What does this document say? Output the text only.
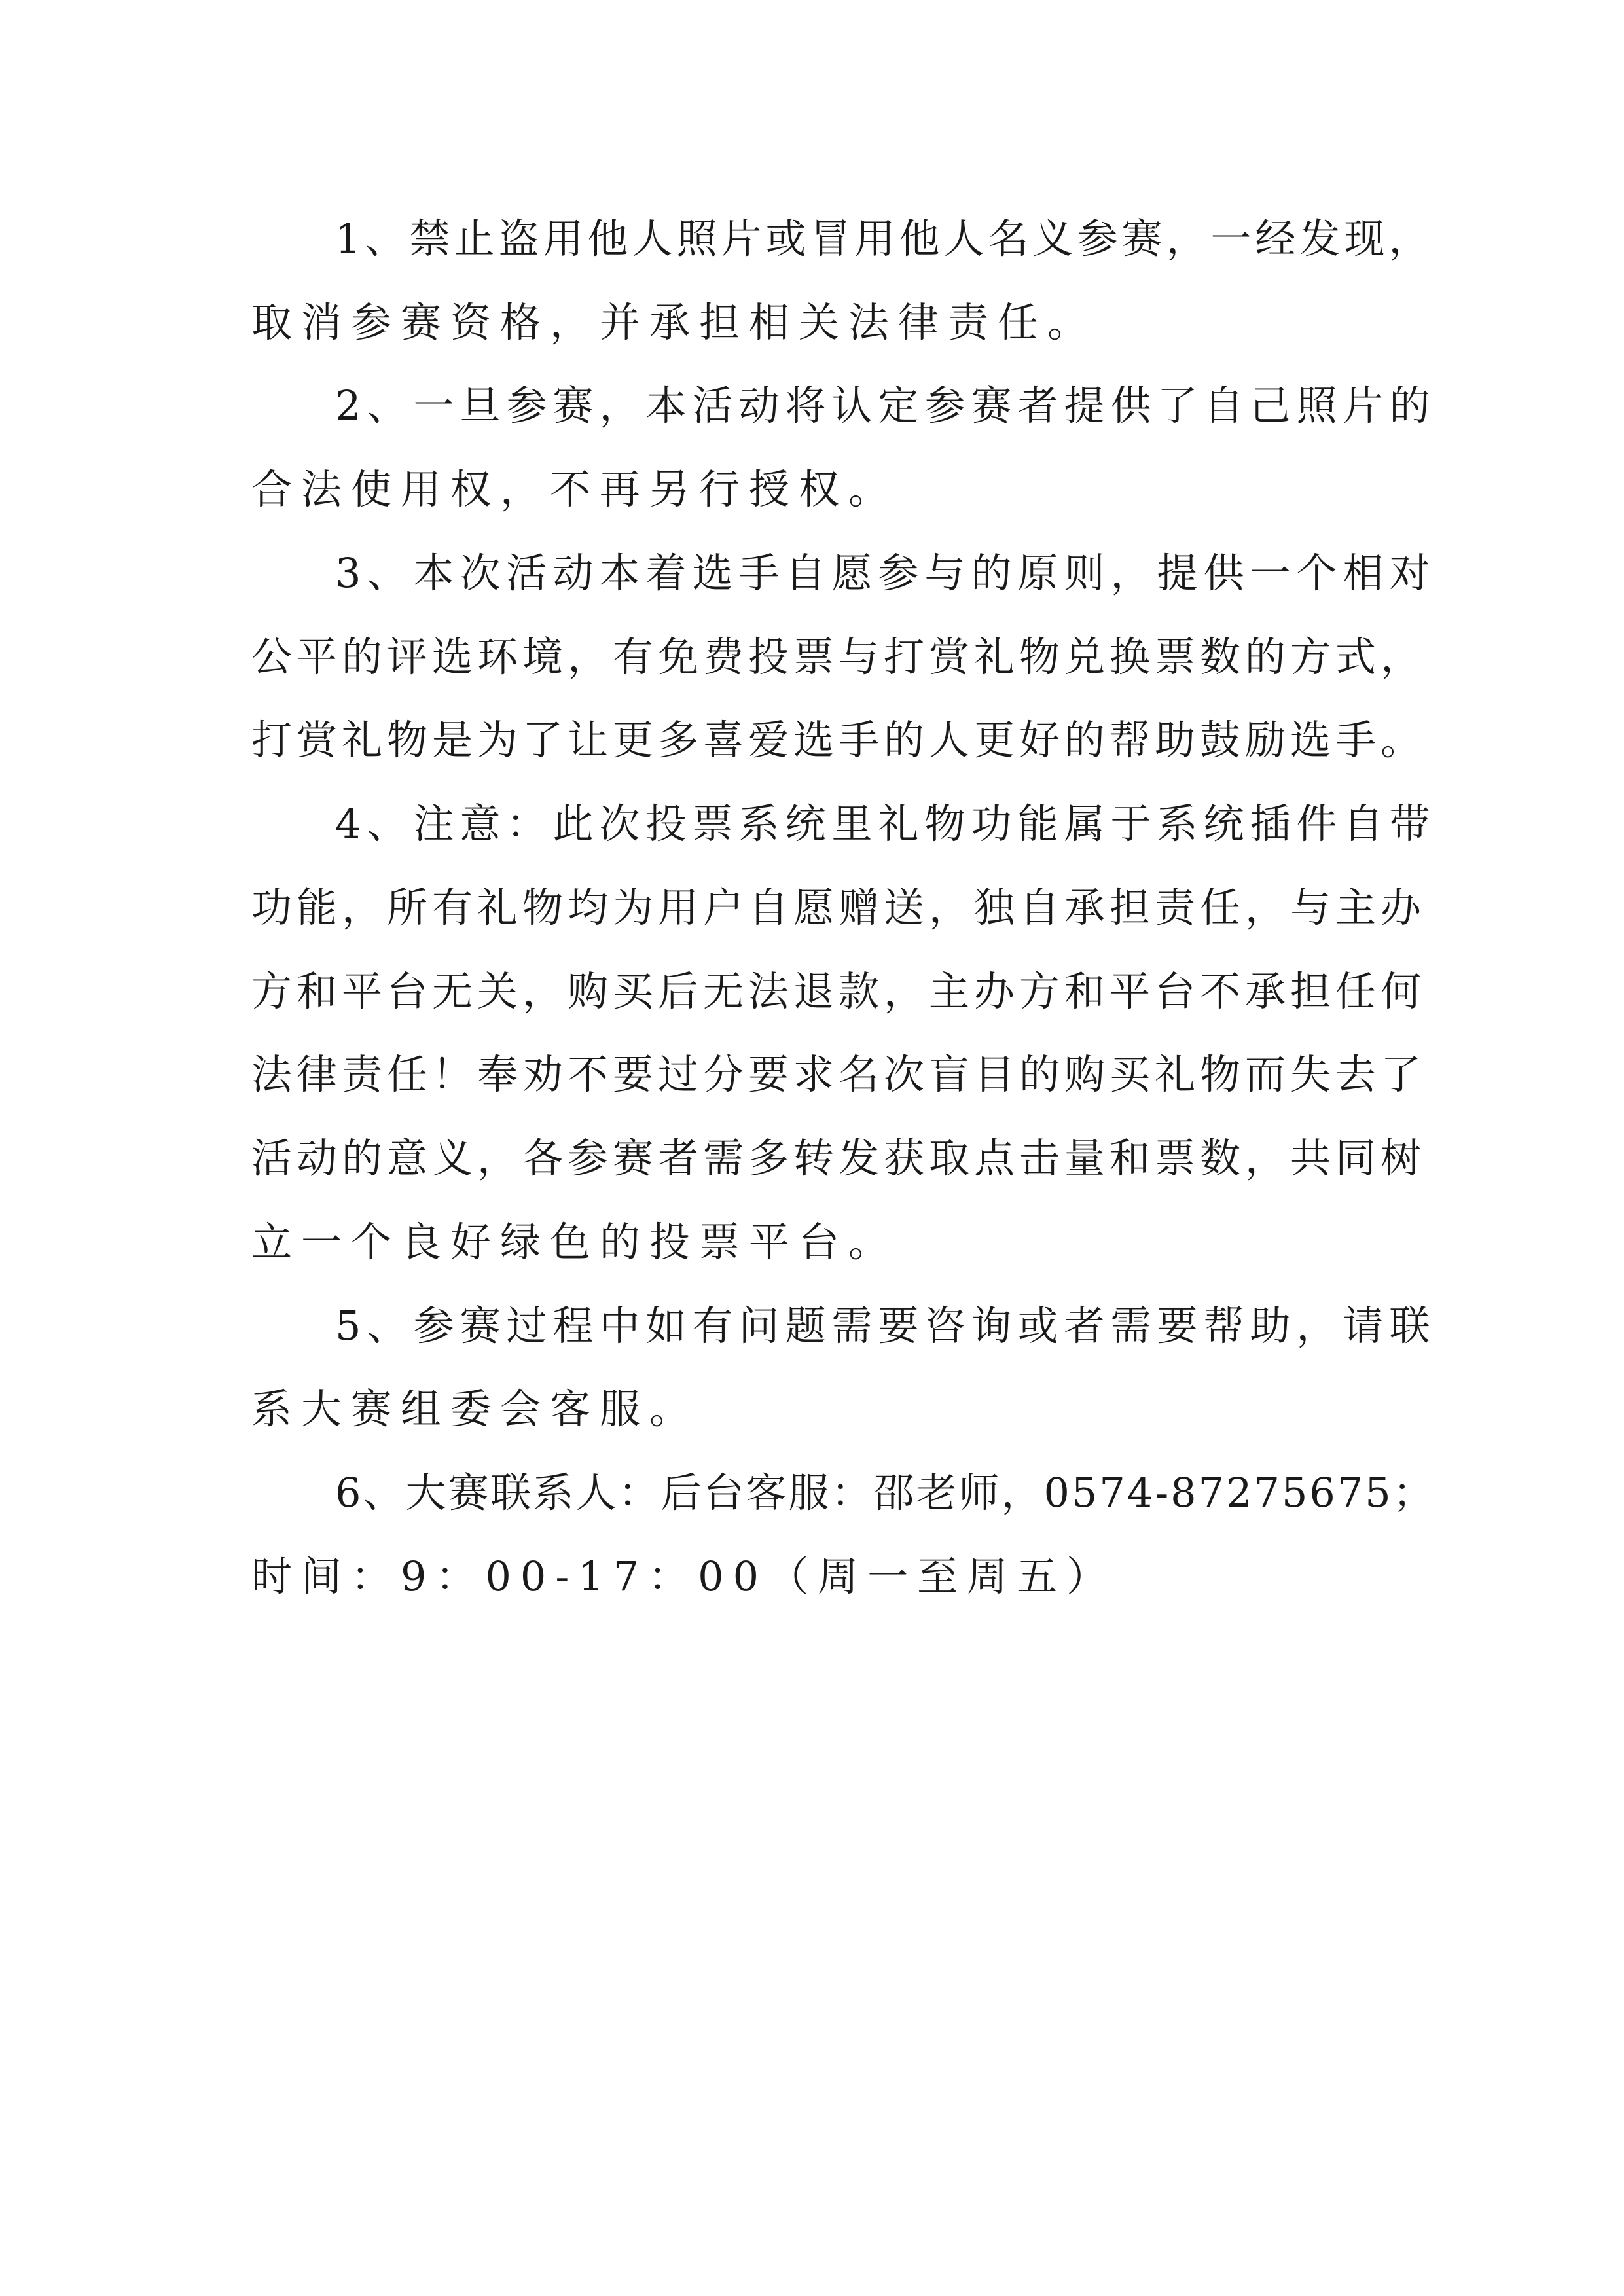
1、禁止盗用他人照片或冒用他人名义参赛，一经发现，

取消参赛资格，并承担相关法律责任。

2、一旦参赛，本活动将认定参赛者提供了自己照片的

合法使用权，不再另行授权。

3、本次活动本着选手自愿参与的原则，提供一个相对

公平的评选环境，有免费投票与打赏礼物兑换票数的方式，

打赏礼物是为了让更多喜爱选手的人更好的帮助鼓励选手。

4、注意：此次投票系统里礼物功能属于系统插件自带

功能，所有礼物均为用户自愿赠送，独自承担责任，与主办

方和平台无关，购买后无法退款，主办方和平台不承担任何

法律责任！奉劝不要过分要求名次盲目的购买礼物而失去了

活动的意义，各参赛者需多转发获取点击量和票数，共同树

立一个良好绿色的投票平台。

5、参赛过程中如有问题需要咨询或者需要帮助，请联

系大赛组委会客服。

6、大赛联系人：后台客服：邵老师，0574-87275675；

时间：9：00-17：00（周一至周五）
